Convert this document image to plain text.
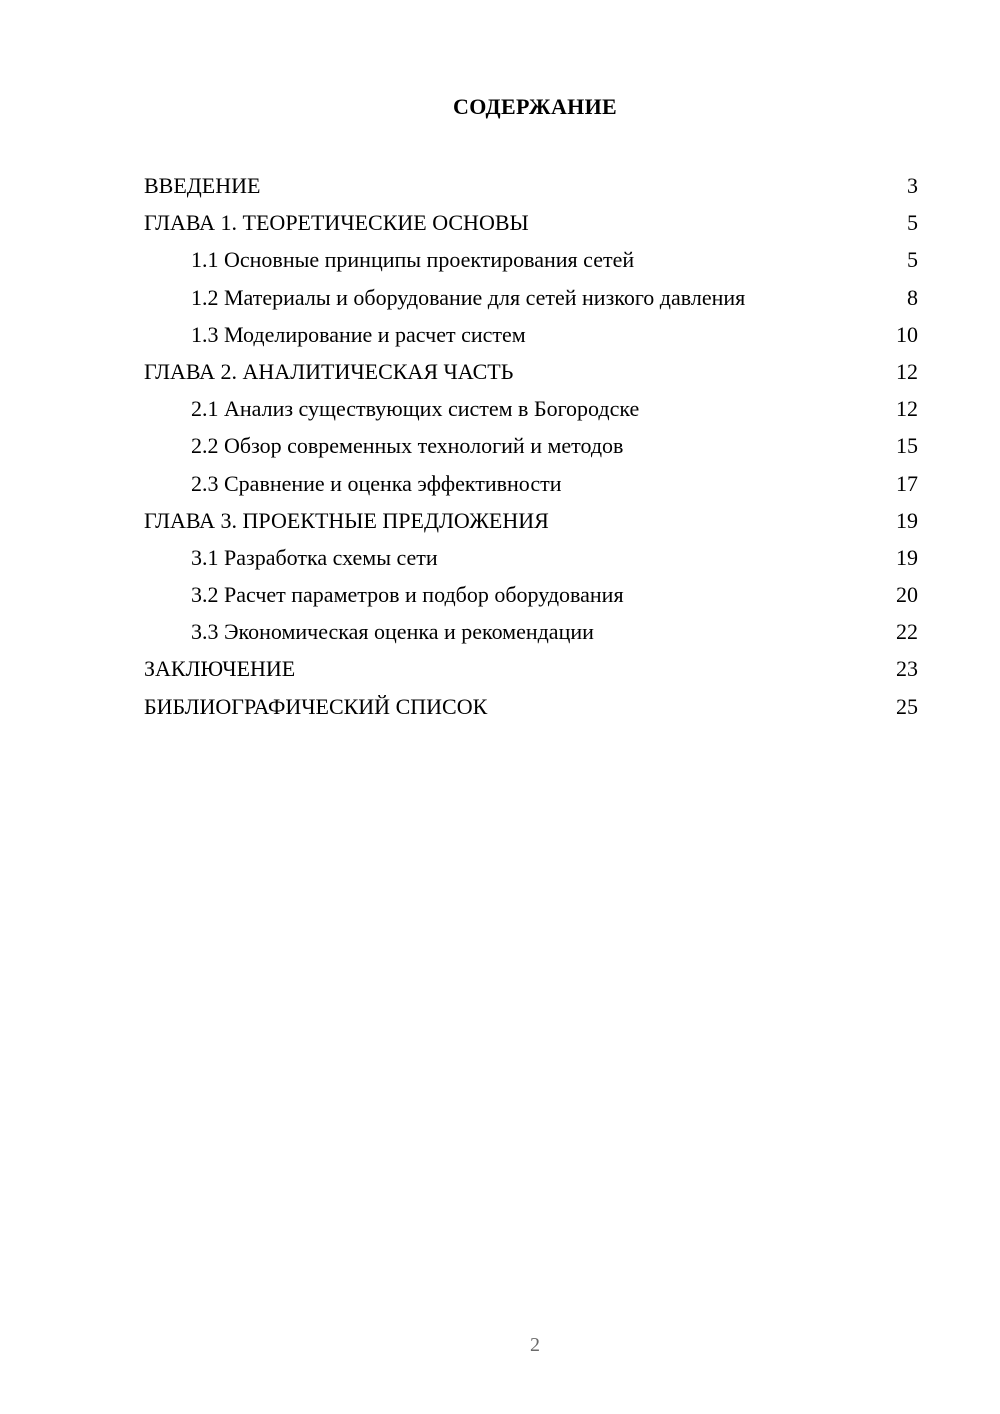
СОДЕРЖАНИЕ
ВВЕДЕНИЕ	3
ГЛАВА 1. ТЕОРЕТИЧЕСКИЕ ОСНОВЫ	5
1.1 Основные принципы проектирования сетей	5
1.2 Материалы и оборудование для сетей низкого давления	8
1.3 Моделирование и расчет систем	10
ГЛАВА 2. АНАЛИТИЧЕСКАЯ ЧАСТЬ	12
2.1 Анализ существующих систем в Богородске	12
2.2 Обзор современных технологий и методов	15
2.3 Сравнение и оценка эффективности	17
ГЛАВА 3. ПРОЕКТНЫЕ ПРЕДЛОЖЕНИЯ	19
3.1 Разработка схемы сети	19
3.2 Расчет параметров и подбор оборудования	20
3.3 Экономическая оценка и рекомендации	22
ЗАКЛЮЧЕНИЕ	23
БИБЛИОГРАФИЧЕСКИЙ СПИСОК	25
2
